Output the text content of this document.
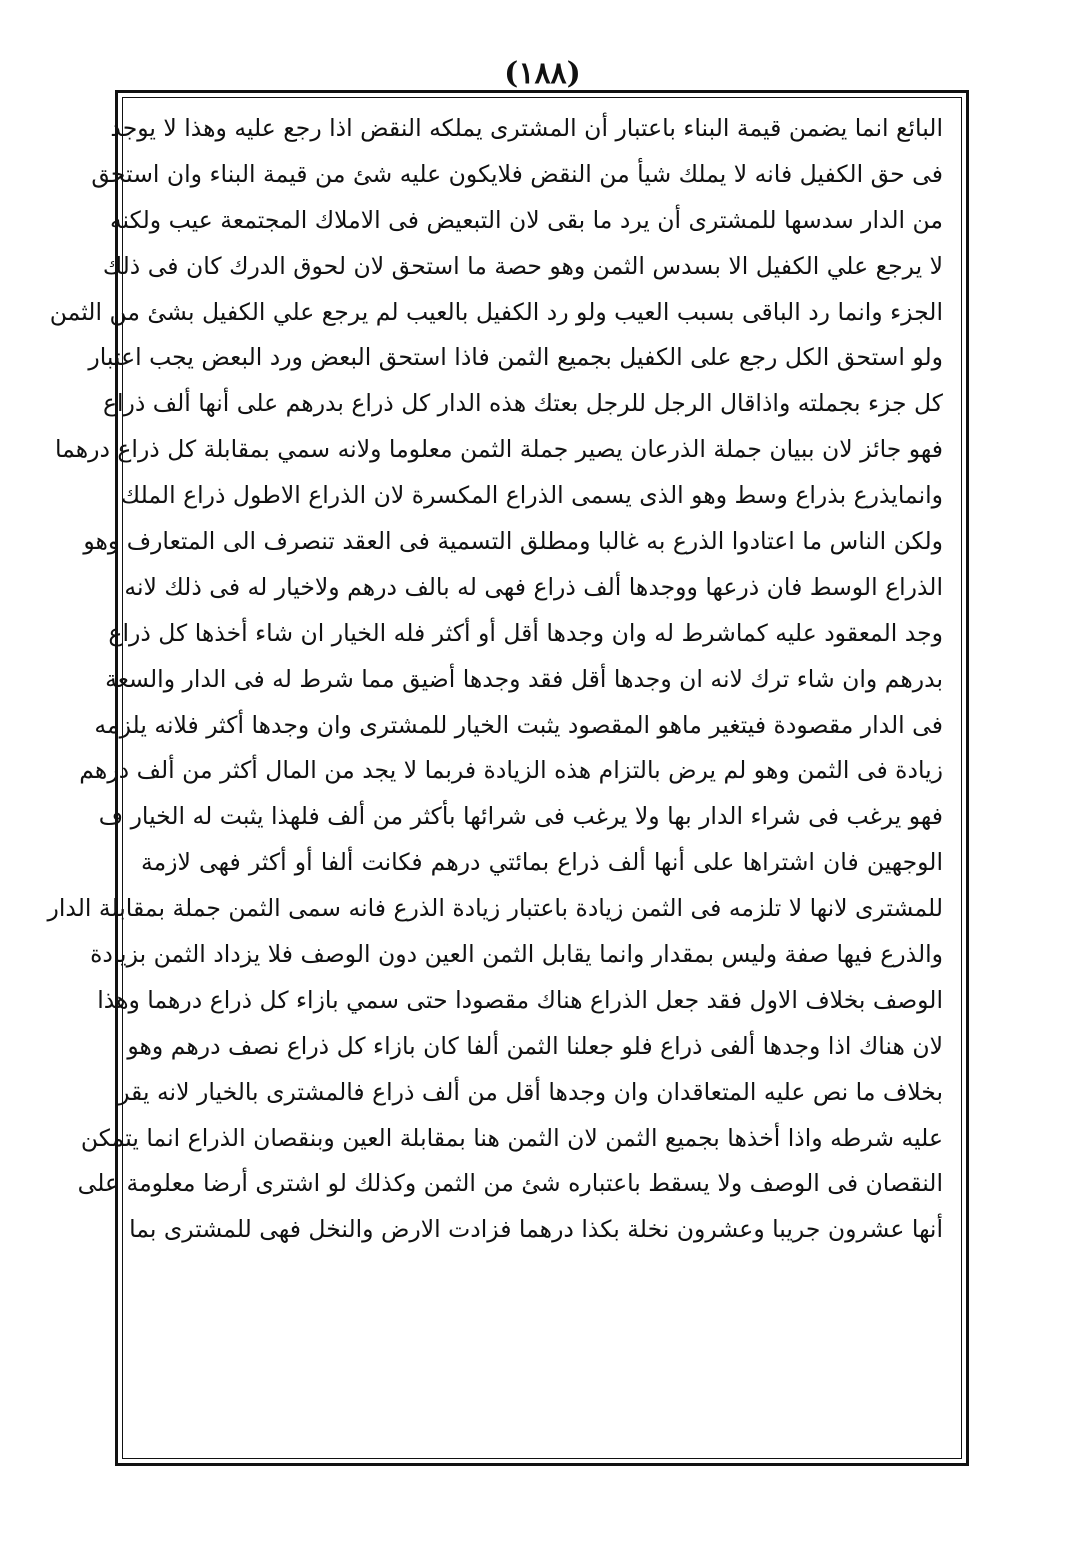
(١٨٨)
البائع انما يضمن قيمة البناء باعتبار أن المشترى يملكه النقض اذا رجع عليه وهذا لا يوجد
فى حق الكفيل فانه لا يملك شيأ من النقض فلايكون عليه شئ من قيمة البناء وان استحق
من الدار سدسها للمشترى أن يرد ما بقى لان التبعيض فى الاملاك المجتمعة عيب ولكنه
لا يرجع علي الكفيل الا بسدس الثمن وهو حصة ما استحق لان لحوق الدرك كان فى ذلك
الجزء وانما رد الباقى بسبب العيب ولو رد الكفيل بالعيب لم يرجع علي الكفيل بشئ من الثمن
ولو استحق الكل رجع على الكفيل بجميع الثمن فاذا استحق البعض ورد البعض يجب اعتبار
كل جزء بجملته واذاقال الرجل للرجل بعتك هذه الدار كل ذراع بدرهم على أنها ألف ذراع
فهو جائز لان ببيان جملة الذرعان يصير جملة الثمن معلوما ولانه سمي بمقابلة كل ذراع درهما
وانمايذرع بذراع وسط وهو الذى يسمى الذراع المكسرة لان الذراع الاطول ذراع الملك
ولكن الناس ما اعتادوا الذرع به غالبا ومطلق التسمية فى العقد تنصرف الى المتعارف وهو
الذراع الوسط فان ذرعها ووجدها ألف ذراع فهى له بالف درهم ولاخيار له فى ذلك لانه
وجد المعقود عليه كماشرط له وان وجدها أقل أو أكثر فله الخيار ان شاء أخذها كل ذراع
بدرهم وان شاء ترك لانه ان وجدها أقل فقد وجدها أضيق مما شرط له فى الدار والسعة
فى الدار مقصودة فيتغير ماهو المقصود يثبت الخيار للمشترى وان وجدها أكثر فلانه يلزمه
زيادة فى الثمن وهو لم يرض بالتزام هذه الزيادة فربما لا يجد من المال أكثر من ألف درهم
فهو يرغب فى شراء الدار بها ولا يرغب فى شرائها بأكثر من ألف فلهذا يثبت له الخيار ف
الوجهين فان اشتراها على أنها ألف ذراع بمائتي درهم فكانت ألفا أو أكثر فهى لازمة
للمشترى لانها لا تلزمه فى الثمن زيادة باعتبار زيادة الذرع فانه سمى الثمن جملة بمقابلة الدار
والذرع فيها صفة وليس بمقدار وانما يقابل الثمن العين دون الوصف فلا يزداد الثمن بزيادة
الوصف بخلاف الاول فقد جعل الذراع هناك مقصودا حتى سمي بازاء كل ذراع درهما وهذا
لان هناك اذا وجدها ألفى ذراع فلو جعلنا الثمن ألفا كان بازاء كل ذراع نصف درهم وهو
بخلاف ما نص عليه المتعاقدان وان وجدها أقل من ألف ذراع فالمشترى بالخيار لانه يقر
عليه شرطه واذا أخذها بجميع الثمن لان الثمن هنا بمقابلة العين وبنقصان الذراع انما يتمكن
النقصان فى الوصف ولا يسقط باعتباره شئ من الثمن وكذلك لو اشترى أرضا معلومة على
أنها عشرون جريبا وعشرون نخلة بكذا درهما فزادت الارض والنخل فهى للمشترى بما
